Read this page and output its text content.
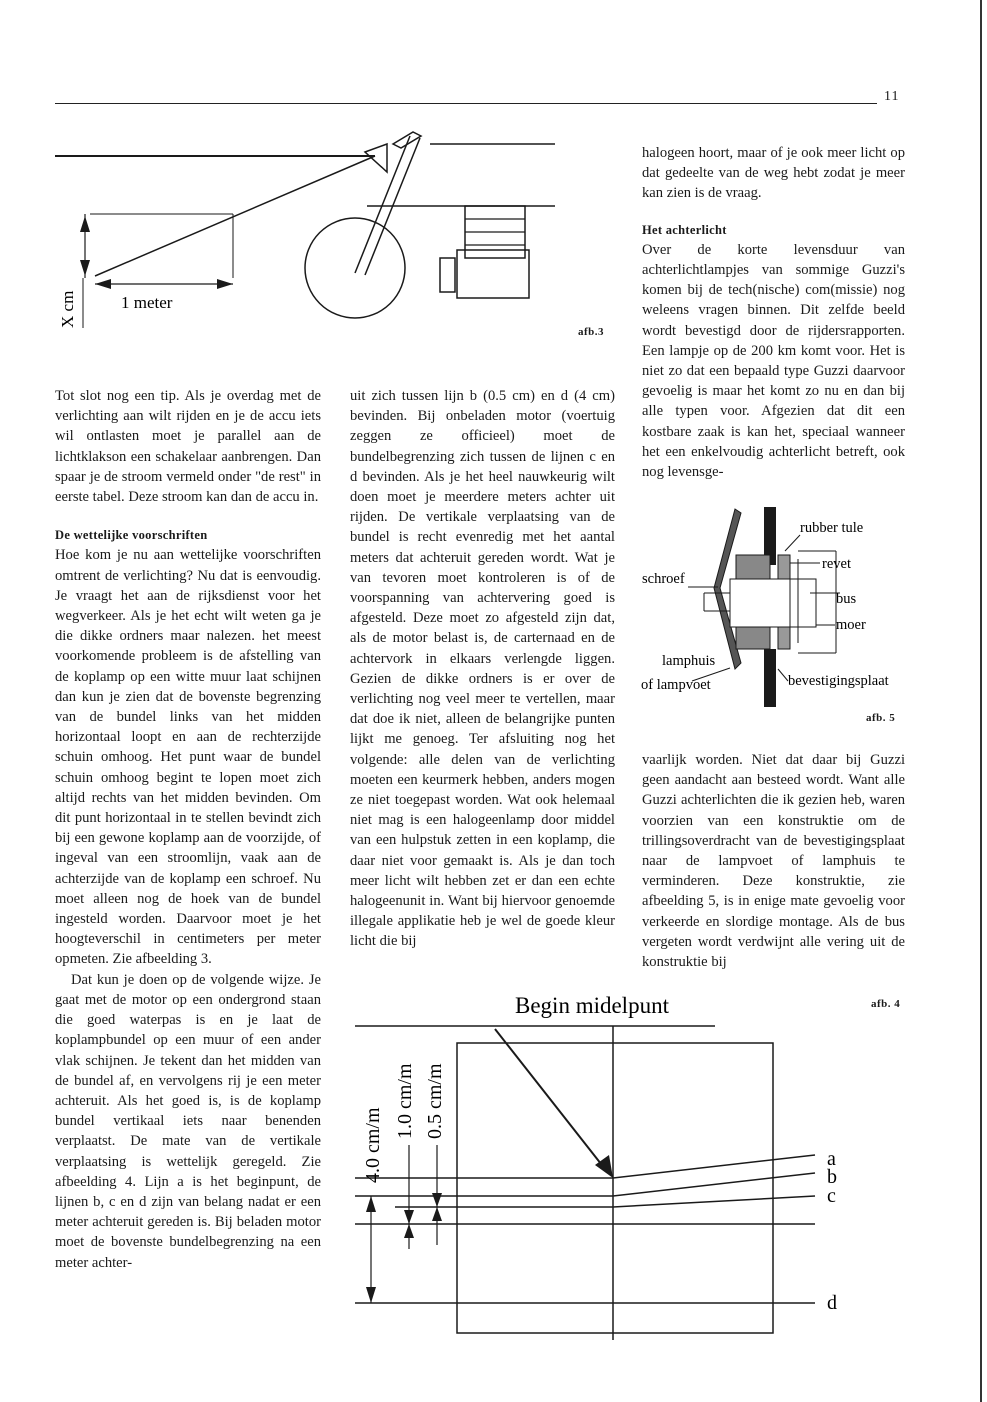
11
1 meter
X cm
afb.3

Tot slot nog een tip. Als je overdag met de verlichting aan wilt rijden en je de accu iets wil ontlasten moet je parallel aan de lichtklakson een schakelaar aanbrengen. Dan spaar je de stroom vermeld onder "de rest" in eerste tabel. Deze stroom kan dan de accu in.

De wettelijke voorschriften

Hoe kom je nu aan wettelijke voorschriften omtrent de verlichting? Nu dat is eenvoudig. Je vraagt het aan de rijksdienst voor het wegverkeer. Als je het echt wilt weten ga je die dikke ordners maar nalezen. het meest voorkomende probleem is de afstelling van de koplamp op een witte muur laat schijnen dan kun je zien dat de bovenste begrenzing van de bundel links van het midden horizontaal loopt en aan de rechterzijde schuin omhoog. Het punt waar de bundel schuin omhoog begint te lopen moet zich altijd rechts van het midden bevinden. Om dit punt horizontaal in te stellen bevindt zich bij een gewone koplamp aan de voorzijde, of ingeval van een stroomlijn, vaak aan de achterzijde van de koplamp een schroef. Nu moet alleen nog de hoek van de bundel ingesteld worden. Daarvoor moet je het hoogteverschil in centimeters per meter opmeten. Zie afbeelding 3.

Dat kun je doen op de volgende wijze. Je gaat met de motor op een ondergrond staan die goed waterpas is en je laat de koplampbundel op een muur of een ander vlak schijnen. Je tekent dan het midden van de bundel af, en vervolgens rij je een meter achteruit. Als het goed is, is de koplamp bundel vertikaal iets naar benenden verplaatst. De mate van de vertikale verplaatsing is wettelijk geregeld. Zie afbeelding 4. Lijn a is het beginpunt, de lijnen b, c en d zijn van belang nadat er een meter achteruit gereden is. Bij beladen motor moet de bovenste bundelbegrenzing na een meter achter-

uit zich tussen lijn b (0.5 cm) en d (4 cm) bevinden. Bij onbeladen motor (voertuig zeggen ze officieel) moet de bundelbegrenzing zich tussen de lijnen c en d bevinden. Als je het heel nauwkeurig wilt doen moet je meerdere meters achter uit rijden. De vertikale verplaatsing van de bundel is recht evenredig met het aantal meters dat achteruit gereden wordt. Wat je van tevoren moet kontroleren is of de voorspanning van achtervering goed is afgesteld. Deze moet zo afgesteld zijn dat, als de motor belast is, de carternaad en de achtervork in elkaars verlengde liggen. Gezien de dikke ordners is er over de verlichting nog veel meer te vertellen, maar dat doe ik niet, alleen de belangrijke punten lijkt me genoeg. Ter afsluiting nog het volgende: alle delen van de verlichting moeten een keurmerk hebben, anders mogen ze niet toegepast worden. Wat ook helemaal niet mag is een halogeenlamp door middel van een hulpstuk zetten in een koplamp, die daar niet voor gemaakt is. Als je dan toch meer licht wilt hebben zet er dan een echte halogeenunit in. Want bij hiervoor genoemde illegale applikatie heb je wel de goede kleur licht die bij

halogeen hoort, maar of je ook meer licht op dat gedeelte van de weg hebt zodat je meer kan zien is de vraag.

Het achterlicht

Over de korte levensduur van achterlichtlampjes van sommige Guzzi's komen bij de tech(nische) com(missie) nog weleens vragen binnen. Dit zelfde beeld wordt bevestigd door de rijdersrapporten. Een lampje op de 200 km komt voor. Het is niet zo dat een bepaald type Guzzi daarvoor gevoelig is maar het komt zo nu en dan bij alle typen voor. Afgezien dat dit een kostbare zaak is kan het, speciaal wanneer het een enkelvoudig achterlicht betreft, ook nog levensge-

rubber tule
revet
bus
moer
schroef
lamphuis
of lampvoet	bevestigingsplaat
afb. 5

vaarlijk worden. Niet dat daar bij Guzzi geen aandacht aan besteed wordt. Want alle Guzzi achterlichten die ik gezien heb, waren voorzien van een konstruktie om de trillingsoverdracht van de bevestigingsplaat naar de lampvoet of lamphuis te verminderen. Deze konstruktie, zie afbeelding 5, is in enige mate gevoelig voor verkeerde en slordige montage. Als de bus vergeten wordt verdwijnt alle vering uit de konstruktie bij

Begin midelpunt
4.0 cm/m
1.0 cm/m 0.5 cm/m
a
b
c
d
afb. 4
